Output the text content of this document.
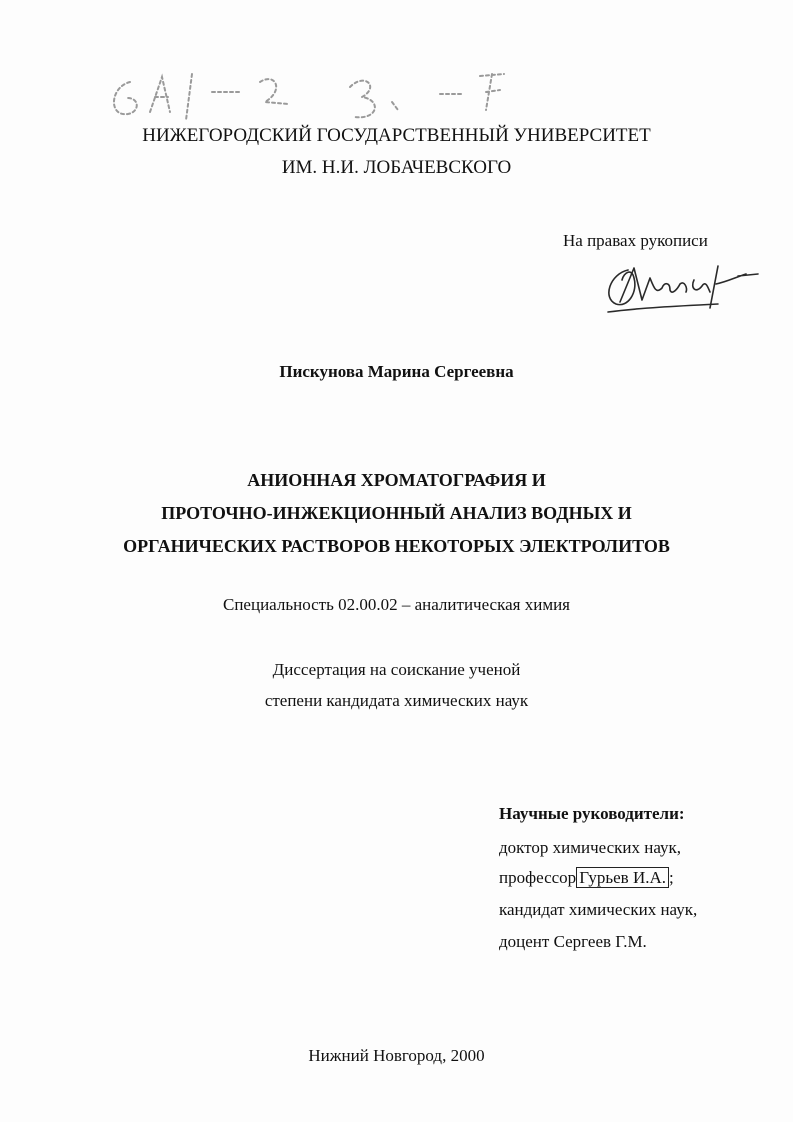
НИЖЕГОРОДСКИЙ ГОСУДАРСТВЕННЫЙ УНИВЕРСИТЕТ
ИМ. Н.И. ЛОБАЧЕВСКОГО
На правах рукописи
Пискунова Марина Сергеевна
АНИОННАЯ ХРОМАТОГРАФИЯ И
ПРОТОЧНО-ИНЖЕКЦИОННЫЙ АНАЛИЗ ВОДНЫХ И
ОРГАНИЧЕСКИХ РАСТВОРОВ НЕКОТОРЫХ ЭЛЕКТРОЛИТОВ
Специальность 02.00.02 – аналитическая химия
Диссертация на соискание ученой
степени кандидата химических наук
Научные руководители:
доктор химических наук,
профессор Гурьев И.А. ;
кандидат химических наук,
доцент Сергеев Г.М.
Нижний Новгород, 2000
